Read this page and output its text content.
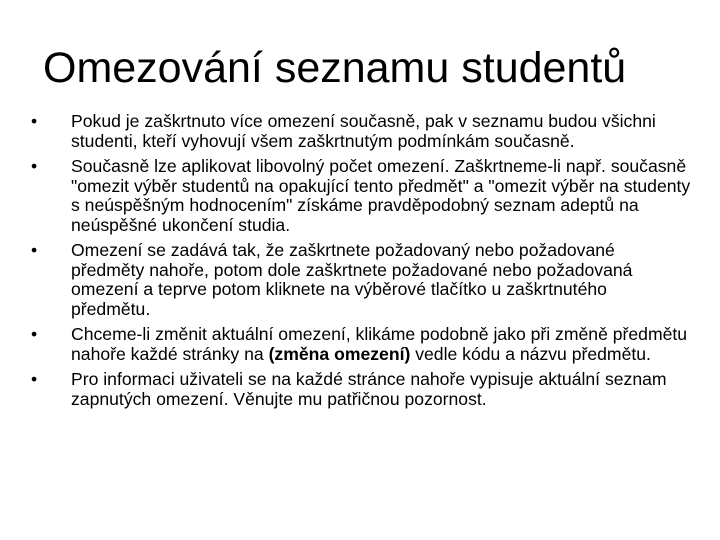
Omezování seznamu studentů
•	Pokud je zaškrtnuto více omezení současně, pak v seznamu budou všichni studenti, kteří vyhovují všem zaškrtnutým podmínkám současně.
•	Současně lze aplikovat libovolný počet omezení. Zaškrtneme-li např. současně "omezit výběr studentů na opakující tento předmět" a "omezit výběr na studenty s neúspěšným hodnocením" získáme pravděpodobný seznam adeptů na neúspěšné ukončení studia.
•	Omezení se zadává tak, že zaškrtnete požadovaný nebo požadované předměty nahoře, potom dole zaškrtnete požadované nebo požadovaná omezení a teprve potom kliknete na výběrové tlačítko u zaškrtnutého předmětu.
•	Chceme-li změnit aktuální omezení, klikáme podobně jako při změně předmětu nahoře každé stránky na (změna omezení) vedle kódu a názvu předmětu.
•	Pro informaci uživateli se na každé stránce nahoře vypisuje aktuální seznam zapnutých omezení. Věnujte mu patřičnou pozornost.
